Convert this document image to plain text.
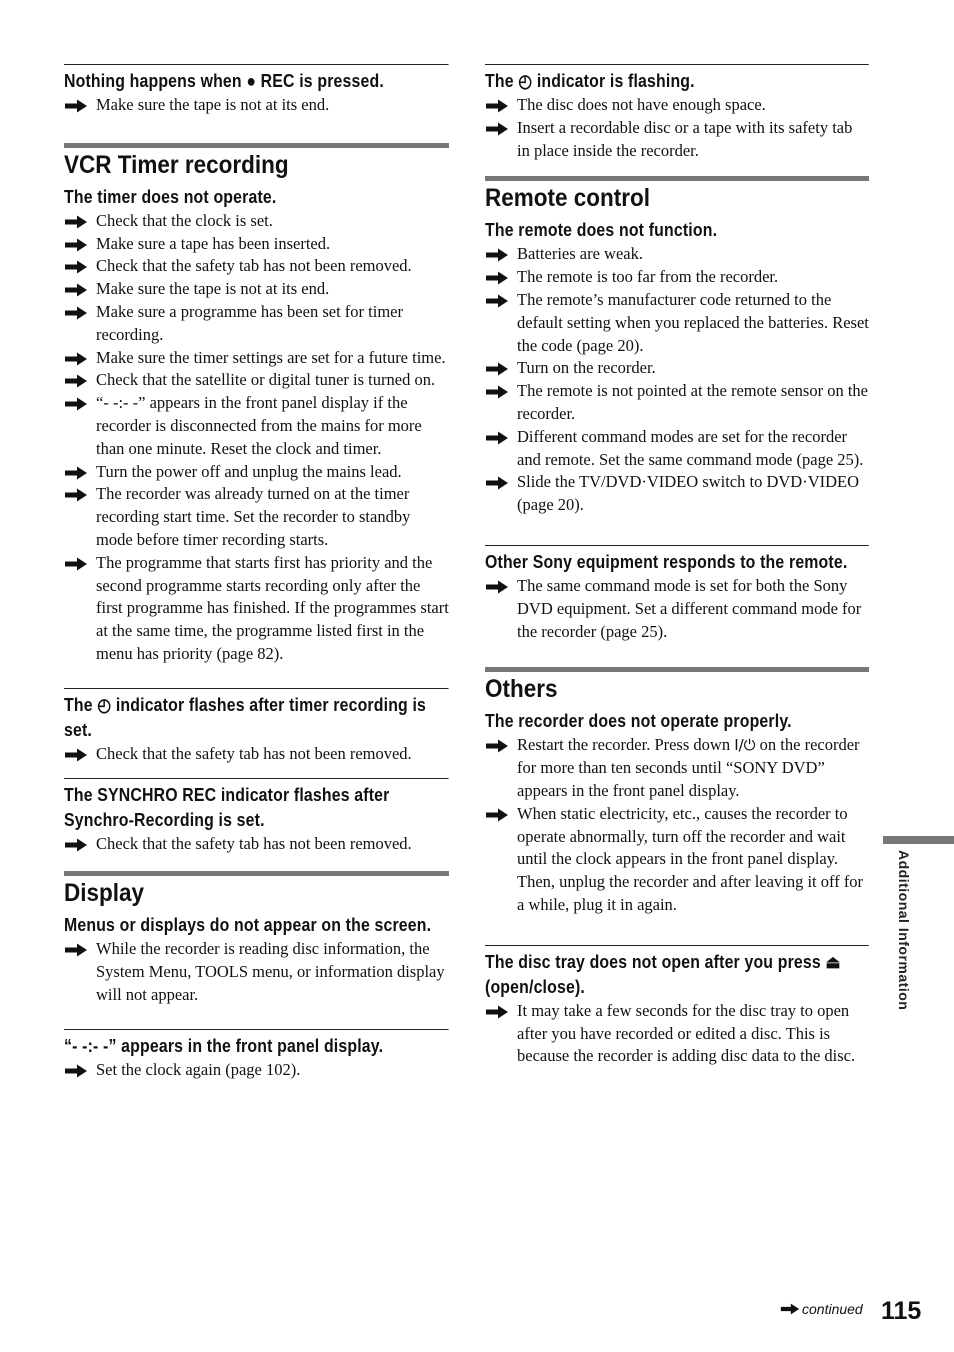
Nothing happens when ● REC is pressed.
Make sure the tape is not at its end.
VCR Timer recording
The timer does not operate.
Check that the clock is set.
Make sure a tape has been inserted.
Check that the safety tab has not been removed.
Make sure the tape is not at its end.
Make sure a programme has been set for timer recording.
Make sure the timer settings are set for a future time.
Check that the satellite or digital tuner is turned on.
“- -:- -” appears in the front panel display if the recorder is disconnected from the mains for more than one minute. Reset the clock and timer.
Turn the power off and unplug the mains lead.
The recorder was already turned on at the timer recording start time. Set the recorder to standby mode before timer recording starts.
The programme that starts first has priority and the second programme starts recording only after the first programme has finished. If the programmes start at the same time, the programme listed first in the menu has priority (page 82).
The ◴ indicator flashes after timer recording is set.
Check that the safety tab has not been removed.
The SYNCHRO REC indicator flashes after Synchro-Recording is set.
Check that the safety tab has not been removed.
Display
Menus or displays do not appear on the screen.
While the recorder is reading disc information, the System Menu, TOOLS menu, or information display will not appear.
“- -:- -” appears in the front panel display.
Set the clock again (page 102).
The ◴ indicator is flashing.
The disc does not have enough space.
Insert a recordable disc or a tape with its safety tab in place inside the recorder.
Remote control
The remote does not function.
Batteries are weak.
The remote is too far from the recorder.
The remote’s manufacturer code returned to the default setting when you replaced the batteries. Reset the code (page 20).
Turn on the recorder.
The remote is not pointed at the remote sensor on the recorder.
Different command modes are set for the recorder and remote. Set the same command mode (page 25).
Slide the TV/DVD·VIDEO switch to DVD·VIDEO (page 20).
Other Sony equipment responds to the remote.
The same command mode is set for both the Sony DVD equipment. Set a different command mode for the recorder (page 25).
Others
The recorder does not operate properly.
Restart the recorder. Press down I/⏻ on the recorder for more than ten seconds until “SONY DVD” appears in the front panel display.
When static electricity, etc., causes the recorder to operate abnormally, turn off the recorder and wait until the clock appears in the front panel display. Then, unplug the recorder and after leaving it off for a while, plug it in again.
The disc tray does not open after you press ⏏ (open/close).
It may take a few seconds for the disc tray to open after you have recorded or edited a disc. This is because the recorder is adding disc data to the disc.
Additional Information
continued 115
